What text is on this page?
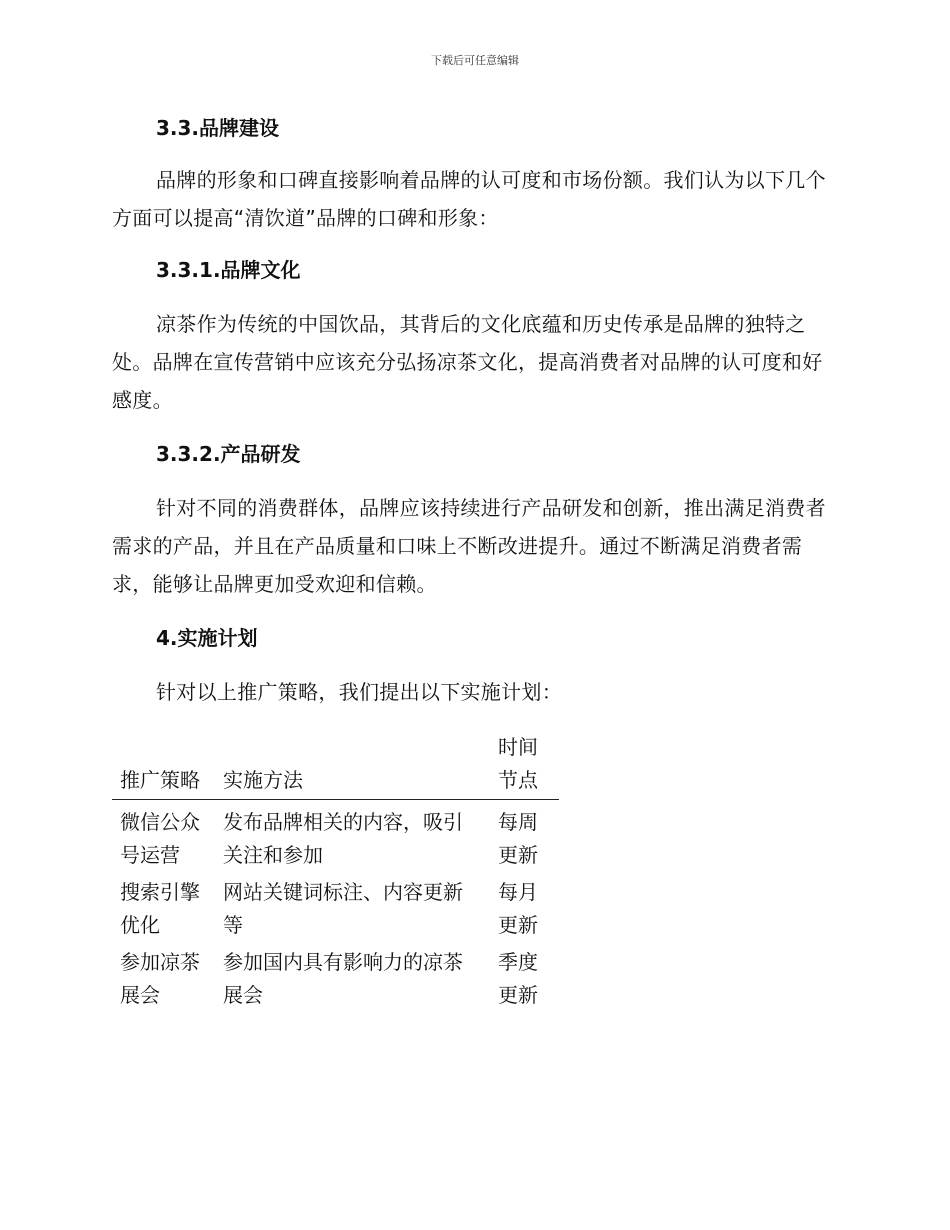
下载后可任意编辑

3.3.品牌建设

品牌的形象和口碑直接影响着品牌的认可度和市场份额。我们认为以下几个方面可以提高“清饮道”品牌的口碑和形象：

3.3.1.品牌文化

凉茶作为传统的中国饮品，其背后的文化底蕴和历史传承是品牌的独特之处。品牌在宣传营销中应该充分弘扬凉茶文化，提高消费者对品牌的认可度和好感度。

3.3.2.产品研发

针对不同的消费群体，品牌应该持续进行产品研发和创新，推出满足消费者需求的产品，并且在产品质量和口味上不断改进提升。通过不断满足消费者需求，能够让品牌更加受欢迎和信赖。

4.实施计划

针对以上推广策略，我们提出以下实施计划：

推广策略	实施方法	时间节点
微信公众号运营	发布品牌相关的内容，吸引关注和参加	每周更新
搜索引擎优化	网站关键词标注、内容更新等	每月更新
参加凉茶展会	参加国内具有影响力的凉茶展会	季度更新
